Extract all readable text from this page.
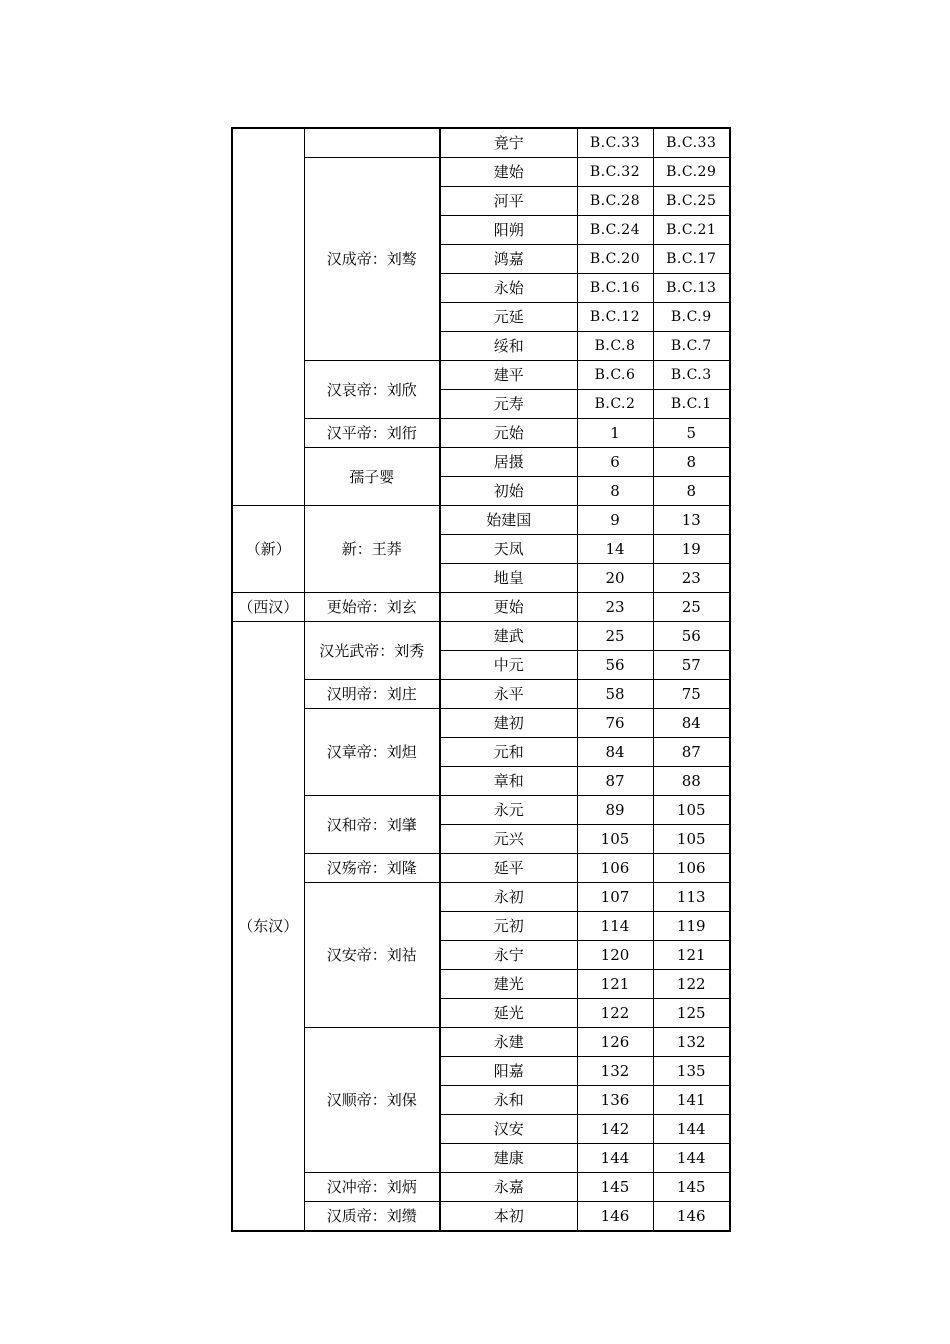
		竟宁	B.C.33	B.C.33
	汉成帝：刘骜	建始	B.C.32	B.C.29
		河平	B.C.28	B.C.25
		阳朔	B.C.24	B.C.21
		鸿嘉	B.C.20	B.C.17
		永始	B.C.16	B.C.13
		元延	B.C.12	B.C.9
		绥和	B.C.8	B.C.7
	汉哀帝：刘欣	建平	B.C.6	B.C.3
		元寿	B.C.2	B.C.1
	汉平帝：刘衎	元始	1	5
	孺子婴	居摄	6	8
		初始	8	8
（新）	新：王莽	始建国	9	13
		天凤	14	19
		地皇	20	23
（西汉）	更始帝：刘玄	更始	23	25
（东汉）	汉光武帝：刘秀	建武	25	56
		中元	56	57
	汉明帝：刘庄	永平	58	75
	汉章帝：刘炟	建初	76	84
		元和	84	87
		章和	87	88
	汉和帝：刘肇	永元	89	105
		元兴	105	105
	汉殇帝：刘隆	延平	106	106
	汉安帝：刘祜	永初	107	113
		元初	114	119
		永宁	120	121
		建光	121	122
		延光	122	125
	汉顺帝：刘保	永建	126	132
		阳嘉	132	135
		永和	136	141
		汉安	142	144
		建康	144	144
	汉冲帝：刘炳	永嘉	145	145
	汉质帝：刘缵	本初	146	146
